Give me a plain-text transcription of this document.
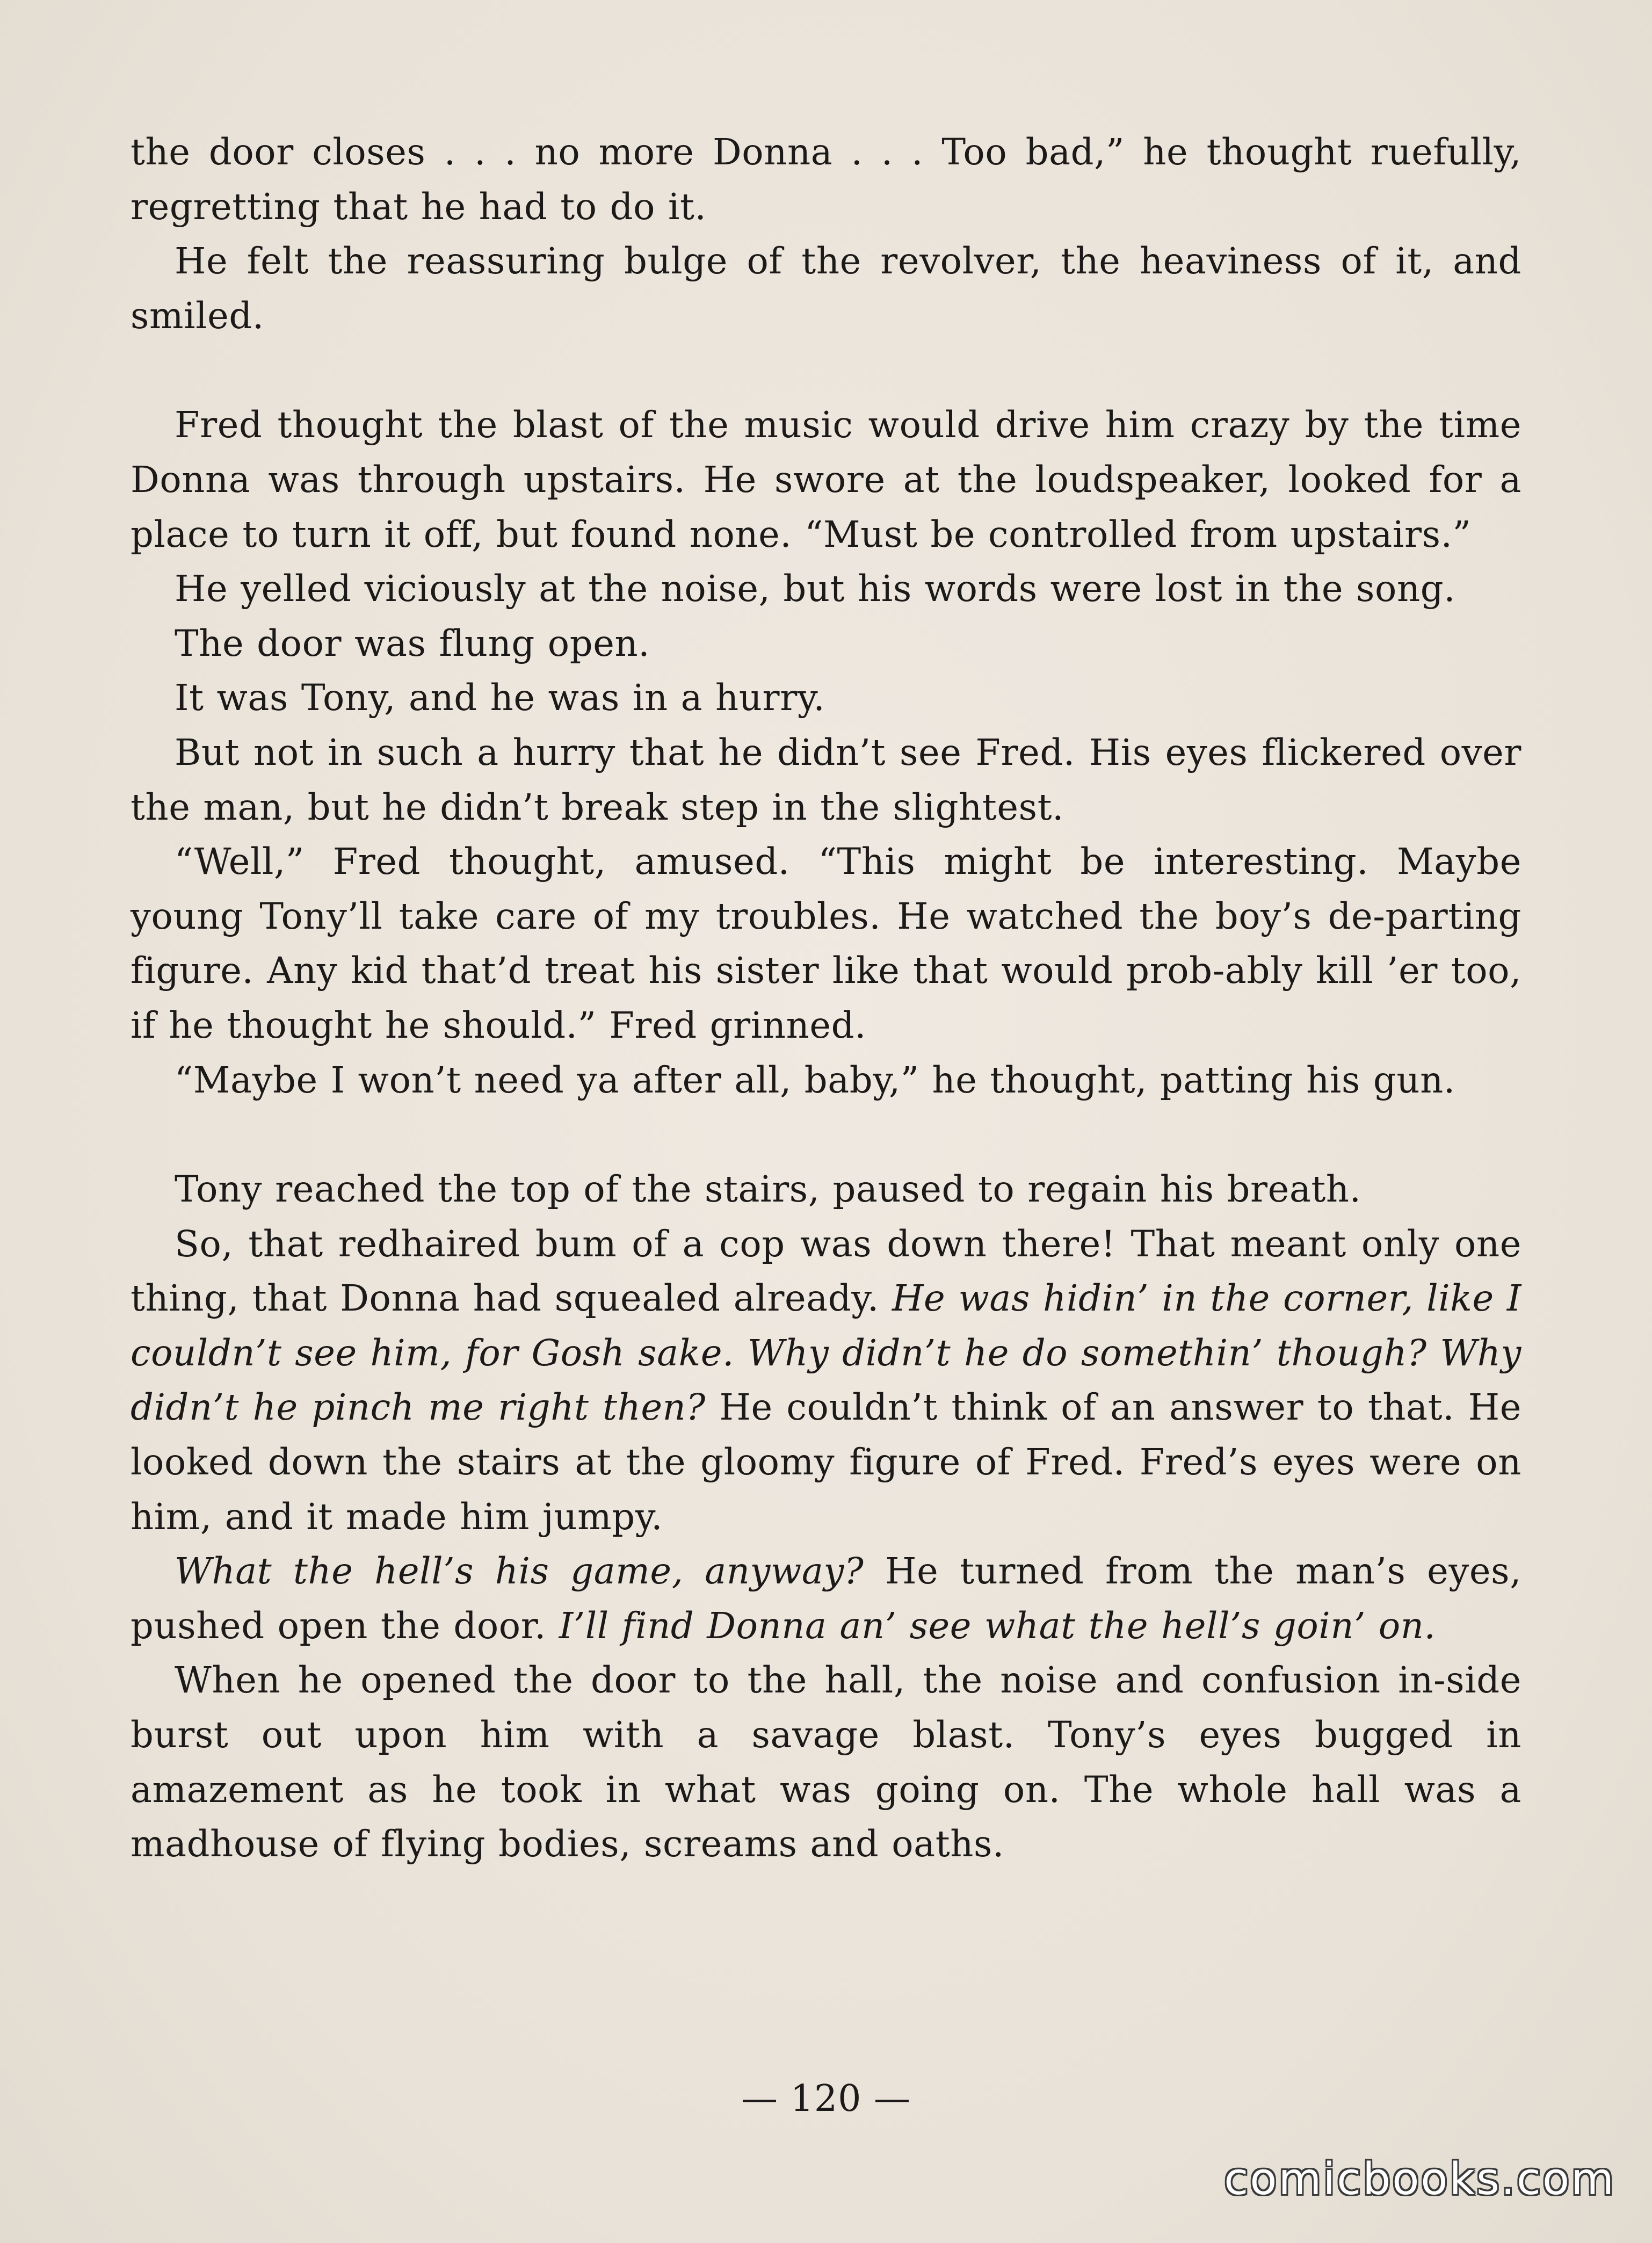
the door closes . . . no more Donna . . . Too bad,” he thought ruefully, regretting that he had to do it.

He felt the reassuring bulge of the revolver, the heaviness of it, and smiled.

Fred thought the blast of the music would drive him crazy by the time Donna was through upstairs. He swore at the loudspeaker, looked for a place to turn it off, but found none. “Must be controlled from upstairs.”

He yelled viciously at the noise, but his words were lost in the song.

The door was flung open.

It was Tony, and he was in a hurry.

But not in such a hurry that he didn’t see Fred. His eyes flickered over the man, but he didn’t break step in the slightest.

“Well,” Fred thought, amused. “This might be interesting. Maybe young Tony’ll take care of my troubles. He watched the boy’s de-parting figure. Any kid that’d treat his sister like that would prob-ably kill ’er too, if he thought he should.” Fred grinned.

“Maybe I won’t need ya after all, baby,” he thought, patting his gun.

Tony reached the top of the stairs, paused to regain his breath.

So, that redhaired bum of a cop was down there! That meant only one thing, that Donna had squealed already. He was hidin’ in the corner, like I couldn’t see him, for Gosh sake. Why didn’t he do somethin’ though? Why didn’t he pinch me right then? He couldn’t think of an answer to that. He looked down the stairs at the gloomy figure of Fred. Fred’s eyes were on him, and it made him jumpy.

What the hell’s his game, anyway? He turned from the man’s eyes, pushed open the door. I’ll find Donna an’ see what the hell’s goin’ on.

When he opened the door to the hall, the noise and confusion in-side burst out upon him with a savage blast. Tony’s eyes bugged in amazement as he took in what was going on. The whole hall was a madhouse of flying bodies, screams and oaths.

— 120 —
comicbooks.com
